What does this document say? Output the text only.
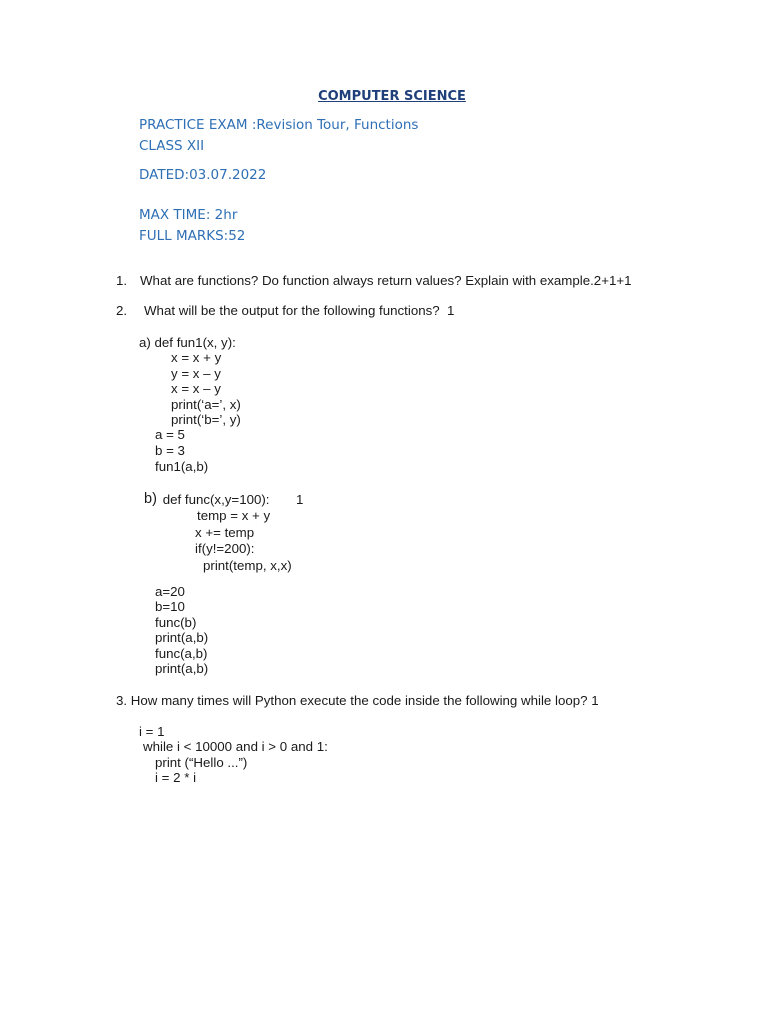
COMPUTER SCIENCE
PRACTICE EXAM :Revision Tour, Functions
CLASS XII
DATED:03.07.2022
MAX TIME: 2hr
FULL MARKS:52
1. What are functions? Do function always return values? Explain with example.2+1+1
2. What will be the output for the following functions?  1
a) def fun1(x, y):
x = x + y
y = x – y
x = x – y
print(‘a=’, x)
print(‘b=’, y)
a = 5
b = 3
fun1(a,b)
b) def func(x,y=100): 1
temp = x + y
x += temp
if(y!=200):
print(temp, x,x)
a=20
b=10
func(b)
print(a,b)
func(a,b)
print(a,b)
3. How many times will Python execute the code inside the following while loop? 1
i = 1
while i < 10000 and i > 0 and 1:
print (“Hello ...”)
i = 2 * i
